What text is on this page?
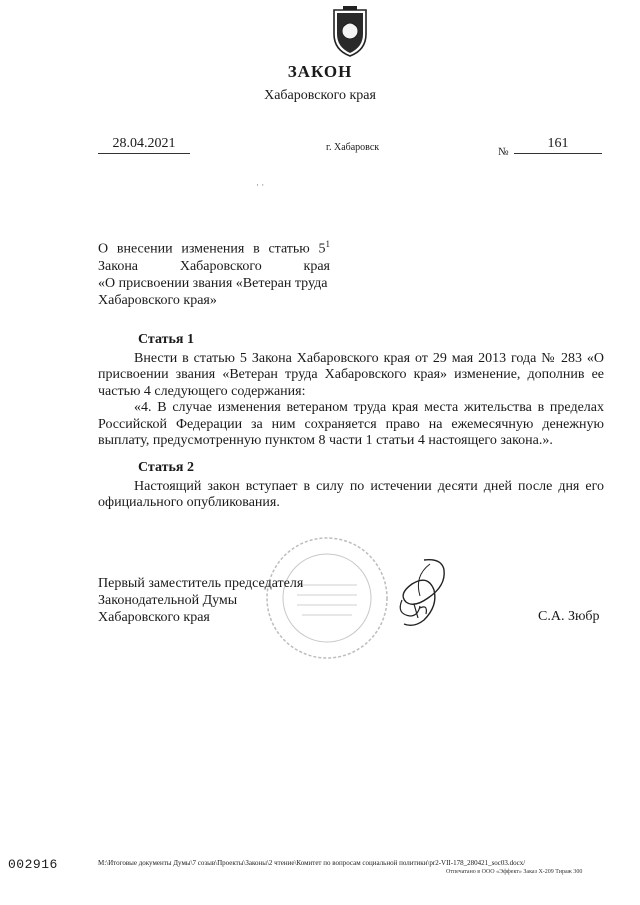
ЗАКОН
Хабаровского края
28.04.2021	г. Хабаровск	№
161
· ·
О внесении изменения в статью $5^1$
Закона Хабаровского края
«О присвоении звания «Ветеран труда
Хабаровского края»
Статья 1

Внести в статью 5 Закона Хабаровского края от 29 мая 2013 года № 283 «О присвоении звания «Ветеран труда Хабаровского края» изменение, дополнив ее частью 4 следующего содержания:

«4. В случае изменения ветераном труда края места жительства в пределах Российской Федерации за ним сохраняется право на ежемесячную денежную выплату, предусмотренную пунктом 8 части 1 статьи 4 настоящего закона.».

Статья 2

Настоящий закон вступает в силу по истечении десяти дней после дня его официального опубликования.

Первый заместитель председателя
Законодательной Думы
Хабаровского края	С.А. Зюбр
002916	M:\Итоговые документы Думы\7 созыв\Проекты\Законы\2 чтение\Комитет по вопросам социальной политики\pr2-VII-178_280421_soc03.docx/
Отпечатано в ООО «Эффект» Заказ X-209 Тираж 300
